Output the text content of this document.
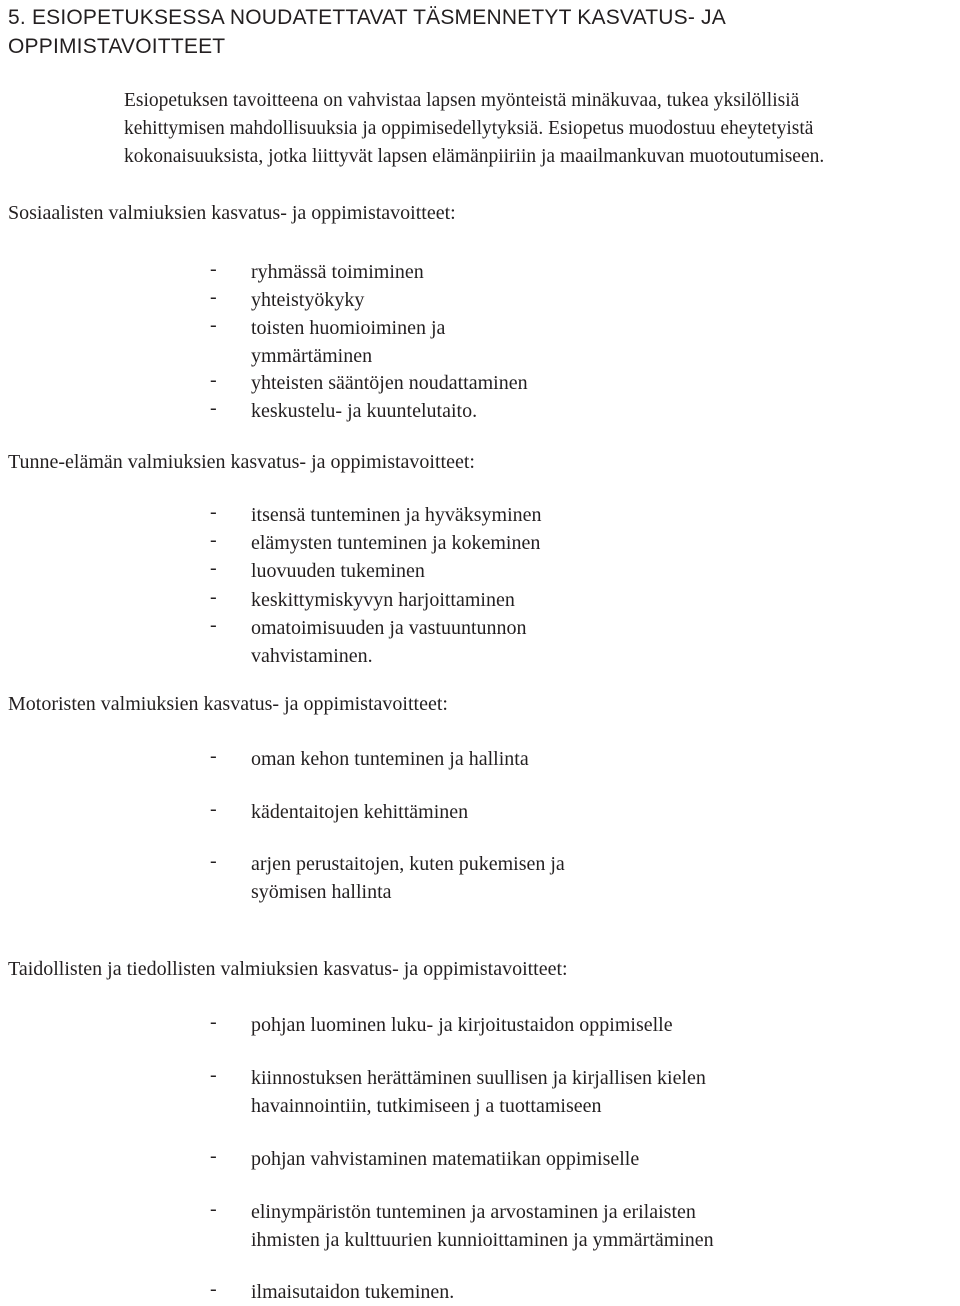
5. ESIOPETUKSESSA NOUDATETTAVAT TÄSMENNETYT KASVATUS- JA
OPPIMISTAVOITTEET
Esiopetuksen tavoitteena on vahvistaa lapsen myönteistä minäkuvaa, tukea yksilöllisiä
kehittymisen mahdollisuuksia ja oppimisedellytyksiä. Esiopetus muodostuu eheytetyistä
kokonaisuuksista, jotka liittyvät lapsen elämänpiiriin ja maailmankuvan muotoutumiseen.
Sosiaalisten valmiuksien kasvatus- ja oppimistavoitteet:
- ryhmässä toimiminen
- yhteistyökyky
- toisten huomioiminen ja
ymmärtäminen
- yhteisten sääntöjen noudattaminen
- keskustelu- ja kuuntelutaito.
Tunne-elämän valmiuksien kasvatus- ja oppimistavoitteet:
- itsensä tunteminen ja hyväksyminen
- elämysten tunteminen ja kokeminen
- luovuuden tukeminen
- keskittymiskyvyn harjoittaminen
- omatoimisuuden ja vastuuntunnon
vahvistaminen.
Motoristen valmiuksien kasvatus- ja oppimistavoitteet:
- oman kehon tunteminen ja hallinta
- kädentaitojen kehittäminen
- arjen perustaitojen, kuten pukemisen ja
syömisen hallinta
Taidollisten ja tiedollisten valmiuksien kasvatus- ja oppimistavoitteet:
- pohjan luominen luku- ja kirjoitustaidon oppimiselle
- kiinnostuksen herättäminen suullisen ja kirjallisen kielen
havainnointiin, tutkimiseen j a tuottamiseen
- pohjan vahvistaminen matematiikan oppimiselle
- elinympäristön tunteminen ja arvostaminen ja erilaisten
ihmisten ja kulttuurien kunnioittaminen ja ymmärtäminen
- ilmaisutaidon tukeminen.
